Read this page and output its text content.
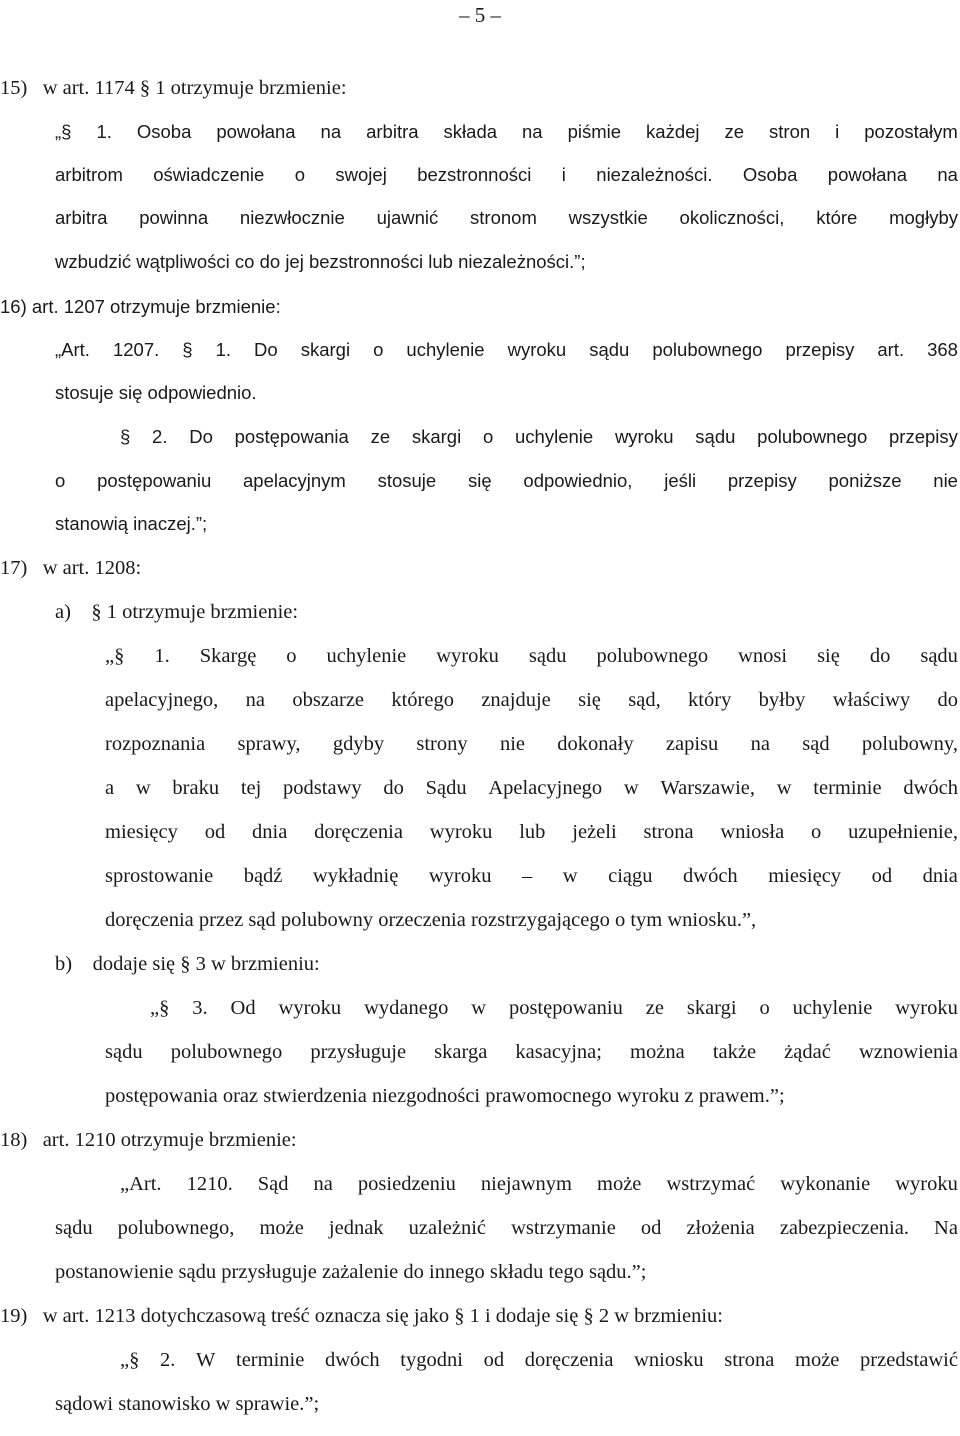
– 5 –
15)   w art. 1174 § 1 otrzymuje brzmienie:
„§ 1. Osoba powołana na arbitra składa na piśmie każdej ze stron i pozostałym
arbitrom oświadczenie o swojej bezstronności i niezależności. Osoba powołana na
arbitra powinna niezwłocznie ujawnić stronom wszystkie okoliczności, które mogłyby
wzbudzić wątpliwości co do jej bezstronności lub niezależności.”;
16) art. 1207 otrzymuje brzmienie:
„Art. 1207. § 1. Do skargi o uchylenie wyroku sądu polubownego przepisy art. 368
stosuje się odpowiednio.
§ 2. Do postępowania ze skargi o uchylenie wyroku sądu polubownego przepisy
o postępowaniu apelacyjnym stosuje się odpowiednio, jeśli przepisy poniższe nie
stanowią inaczej.”;
17)   w art. 1208:
a)    § 1 otrzymuje brzmienie:
„§ 1. Skargę o uchylenie wyroku sądu polubownego wnosi się do sądu
apelacyjnego, na obszarze którego znajduje się sąd, który byłby właściwy do
rozpoznania sprawy, gdyby strony nie dokonały zapisu na sąd polubowny,
a w braku tej podstawy do Sądu Apelacyjnego w Warszawie, w terminie dwóch
miesięcy od dnia doręczenia wyroku lub jeżeli strona wniosła o uzupełnienie,
sprostowanie bądź wykładnię wyroku – w ciągu dwóch miesięcy od dnia
doręczenia przez sąd polubowny orzeczenia rozstrzygającego o tym wniosku.”,
b)    dodaje się § 3 w brzmieniu:
„§ 3. Od wyroku wydanego w postępowaniu ze skargi o uchylenie wyroku
sądu polubownego przysługuje skarga kasacyjna; można także żądać wznowienia
postępowania oraz stwierdzenia niezgodności prawomocnego wyroku z prawem.”;
18)   art. 1210 otrzymuje brzmienie:
„Art. 1210. Sąd na posiedzeniu niejawnym może wstrzymać wykonanie wyroku
sądu polubownego, może jednak uzależnić wstrzymanie od złożenia zabezpieczenia. Na
postanowienie sądu przysługuje zażalenie do innego składu tego sądu.”;
19)   w art. 1213 dotychczasową treść oznacza się jako § 1 i dodaje się § 2 w brzmieniu:
„§ 2. W terminie dwóch tygodni od doręczenia wniosku strona może przedstawić
sądowi stanowisko w sprawie.”;
